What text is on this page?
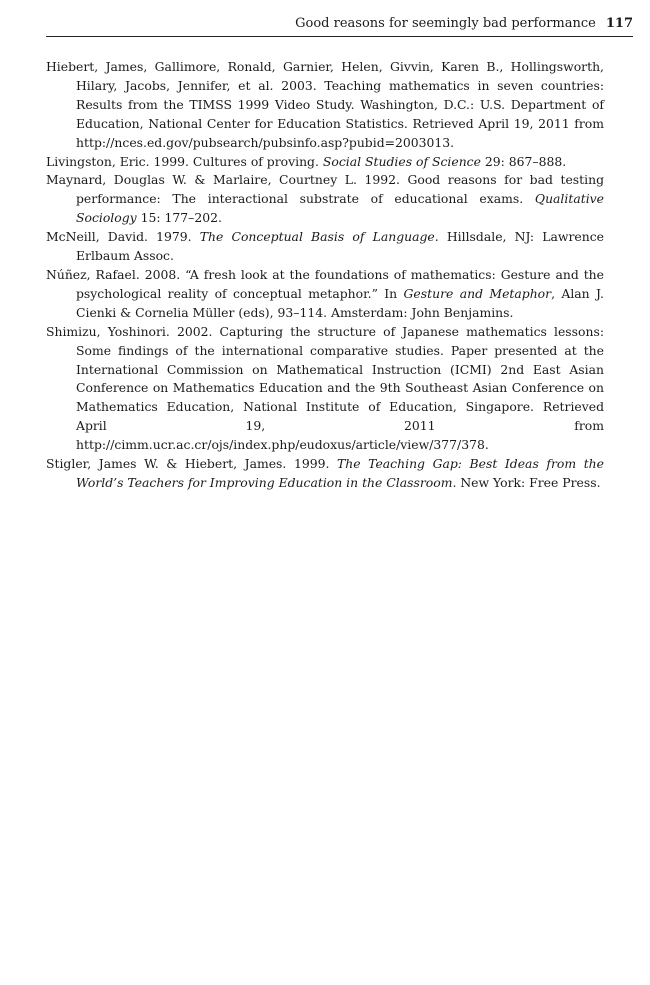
Good reasons for seemingly bad performance 117

Hiebert, James, Gallimore, Ronald, Garnier, Helen, Givvin, Karen B., Hollingsworth, Hilary, Jacobs, Jennifer, et al. 2003. Teaching mathematics in seven countries: Results from the TIMSS 1999 Video Study. Washington, D.C.: U.S. Department of Education, National Center for Education Statistics. Retrieved April 19, 2011 from http://nces.ed.gov/pubsearch/pubsinfo.asp?pubid=2003013.

Livingston, Eric. 1999. Cultures of proving. Social Studies of Science 29: 867–888.

Maynard, Douglas W. & Marlaire, Courtney L. 1992. Good reasons for bad testing performance: The interactional substrate of educational exams. Qualitative Sociology 15: 177–202.

McNeill, David. 1979. The Conceptual Basis of Language. Hillsdale, NJ: Lawrence Erlbaum Assoc.

Núñez, Rafael. 2008. “A fresh look at the foundations of mathematics: Gesture and the psychological reality of conceptual metaphor.” In Gesture and Metaphor, Alan J. Cienki & Cornelia Müller (eds), 93–114. Amsterdam: John Benjamins.

Shimizu, Yoshinori. 2002. Capturing the structure of Japanese mathematics lessons: Some findings of the international comparative studies. Paper presented at the International Commission on Mathematical Instruction (ICMI) 2nd East Asian Conference on Mathematics Education and the 9th Southeast Asian Conference on Mathematics Education, National Institute of Education, Singapore. Retrieved April 19, 2011 from http://cimm.ucr.ac.cr/ojs/index.php/eudoxus/article/view/377/378.

Stigler, James W. & Hiebert, James. 1999. The Teaching Gap: Best Ideas from the World’s Teachers for Improving Education in the Classroom. New York: Free Press.
